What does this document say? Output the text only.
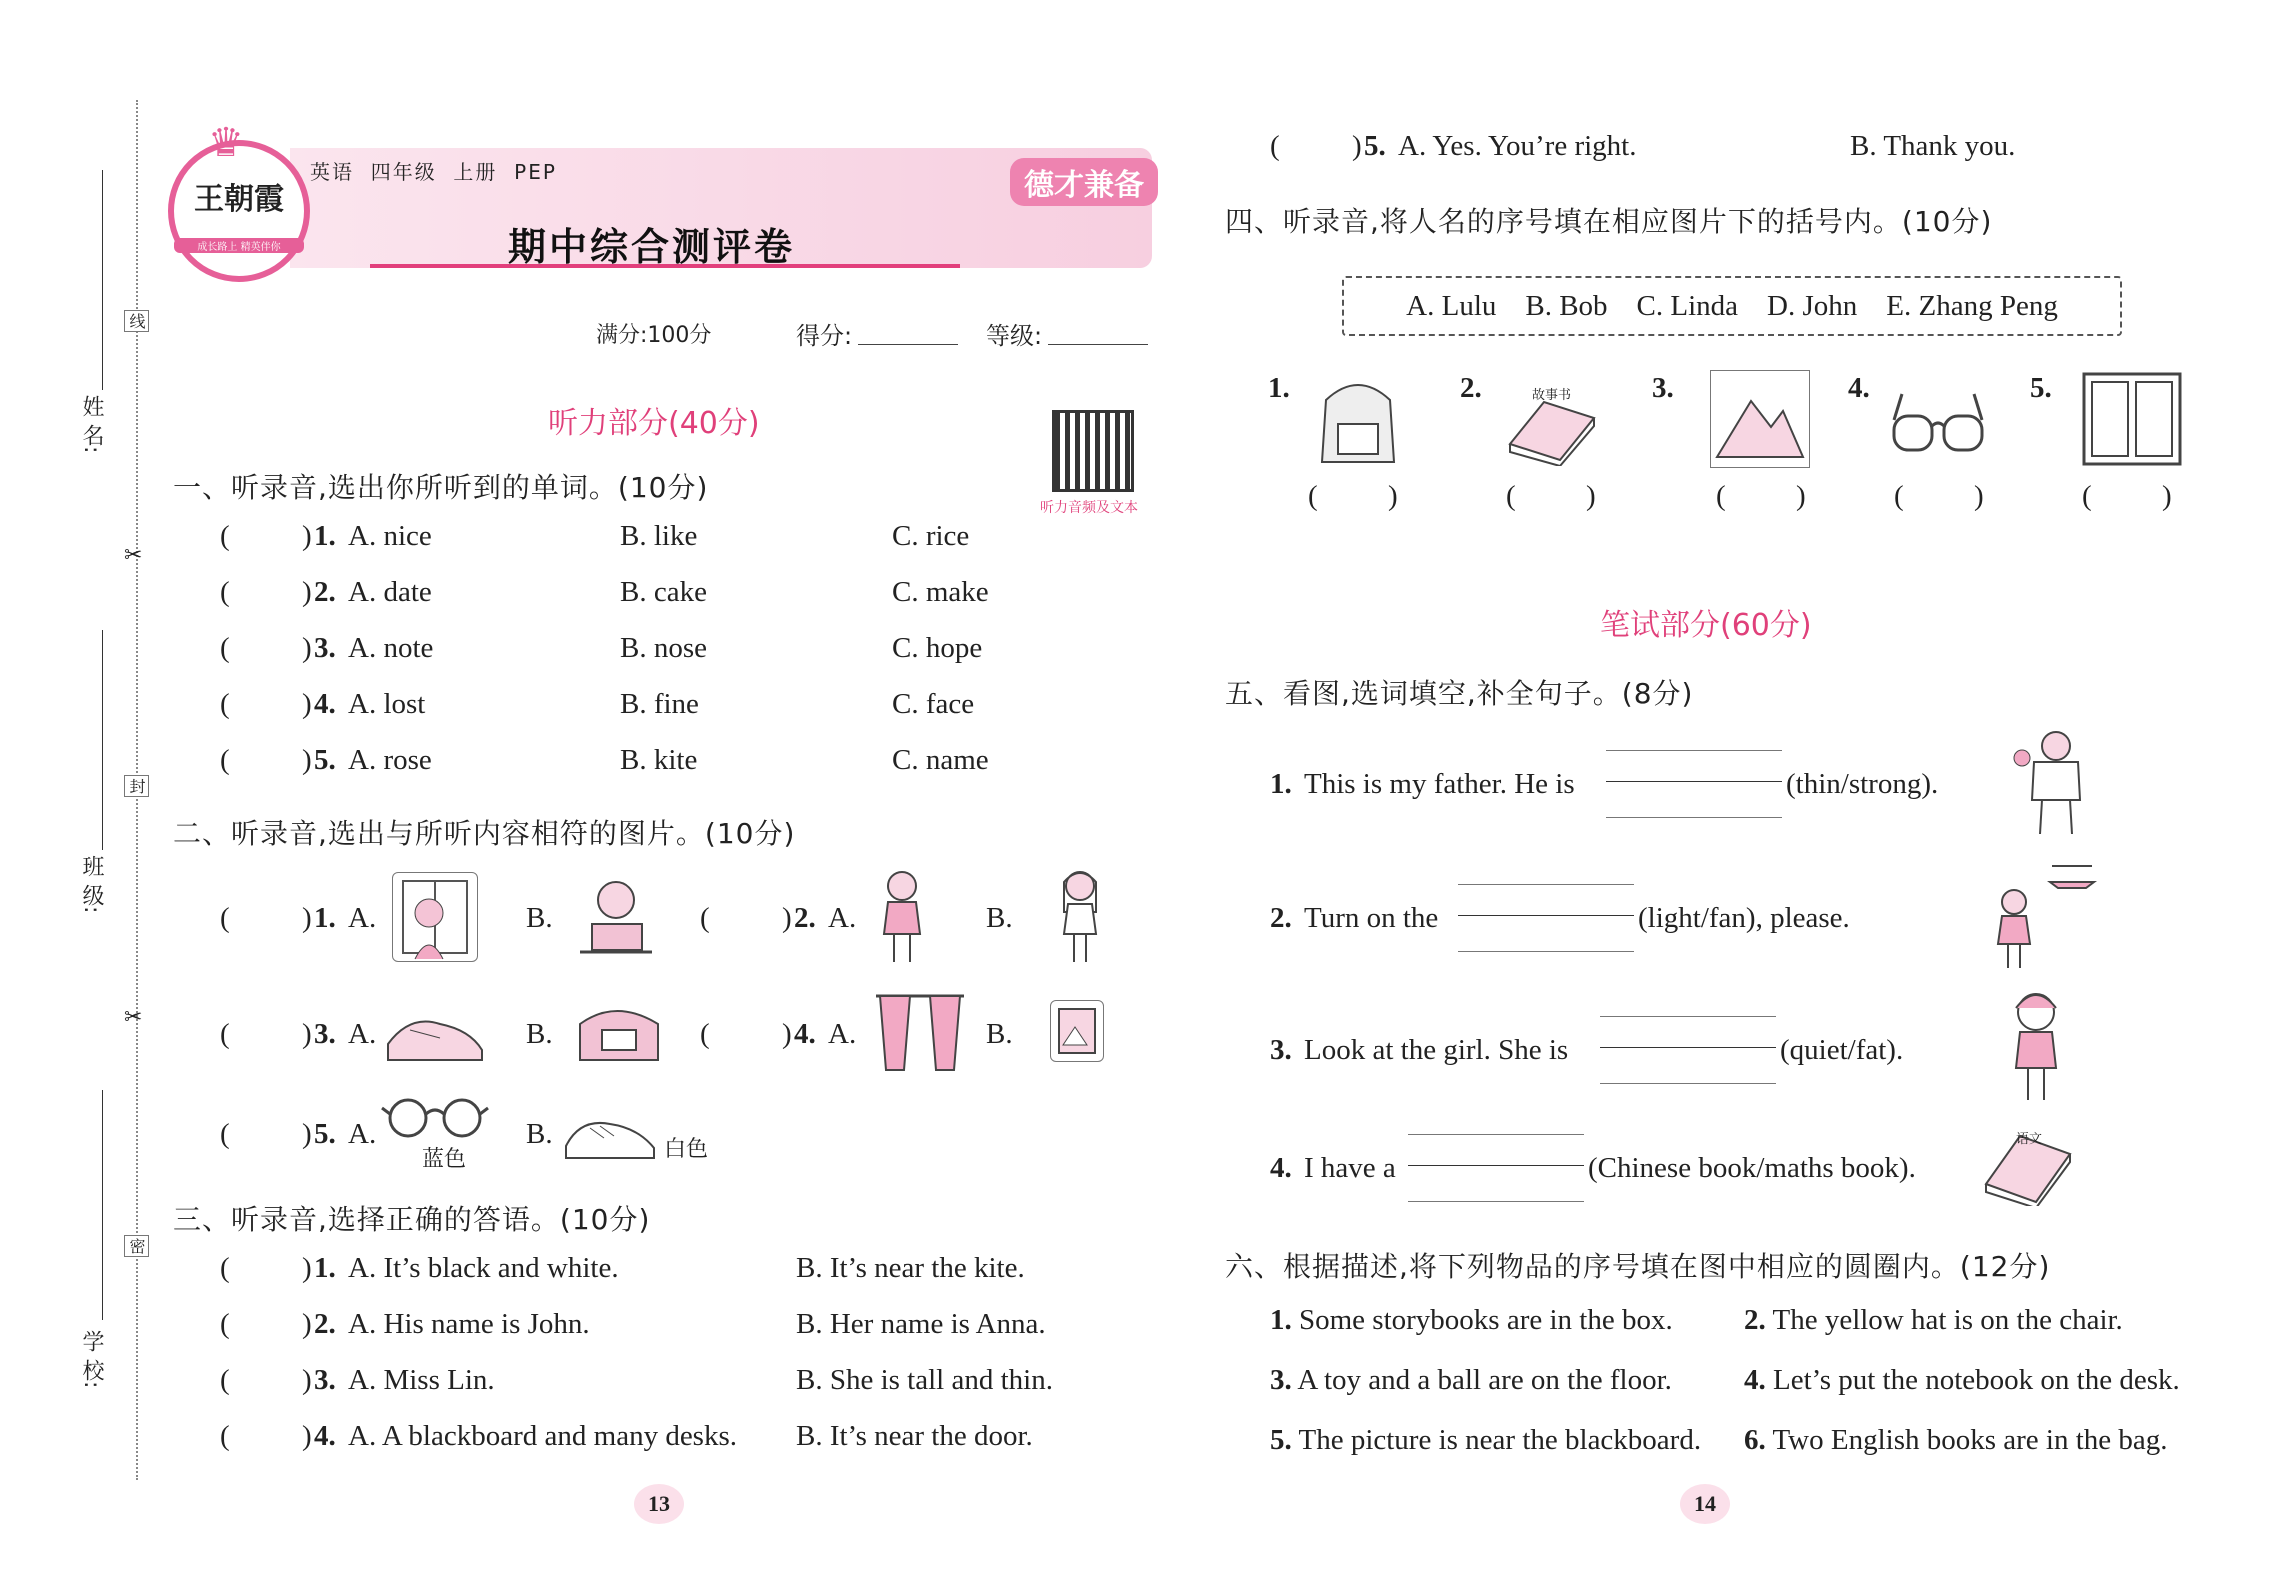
姓 名:
班 级:
学 校:
线
封
密
✂
✂
♛
王朝霞
成长路上 精英伴你
英语  四年级  上册  PEP	德才兼备
期中综合测评卷
满分:100分	得分:	等级:
听力音频及文本
听力部分(40分)
一、听录音,选出你所听到的单词。(10分)
( ) 1. A. nice	B. like	C. rice
( ) 2. A. date	B. cake	C. make
( ) 3. A. note	B. nose	C. hope
( ) 4. A. lost	B. fine	C. face
( ) 5. A. rose	B. kite	C. name
二、听录音,选出与所听内容相符的图片。(10分)
( ) 1. A.	B.	( ) 2. A.	B.
( ) 3. A.	B.	( ) 4. A.	B.
( ) 5. A.
蓝色
B.	白色
三、听录音,选择正确的答语。(10分)
( ) 1. A. It’s black and white.	B. It’s near the kite.
( ) 2. A. His name is John.	B. Her name is Anna.
( ) 3. A. Miss Lin.	B. She is tall and thin.
( ) 4. A. A blackboard and many desks. B. It’s near the door.
13
( ) 5. A. Yes. You’re right.	B. Thank you.
四、听录音,将人名的序号填在相应图片下的括号内。(10分)
A. Lulu    B. Bob    C. Linda    D. John    E. Zhang Peng
1.
( )
2.	故事书
( )
3.
( )
4.
( )
5.
( )
笔试部分(60分)
五、看图,选词填空,补全句子。(8分)
1. This is my father. He is	(thin/strong).
2. Turn on the	(light/fan), please.
3. Look at the girl. She is	(quiet/fat).
4. I have a	(Chinese book/maths book).
语文
六、根据描述,将下列物品的序号填在图中相应的圆圈内。(12分)
1. Some storybooks are in the box. 2. The yellow hat is on the chair.
3. A toy and a ball are on the floor. 4. Let’s put the notebook on the desk.
5. The picture is near the blackboard. 6. Two English books are in the bag.
14
